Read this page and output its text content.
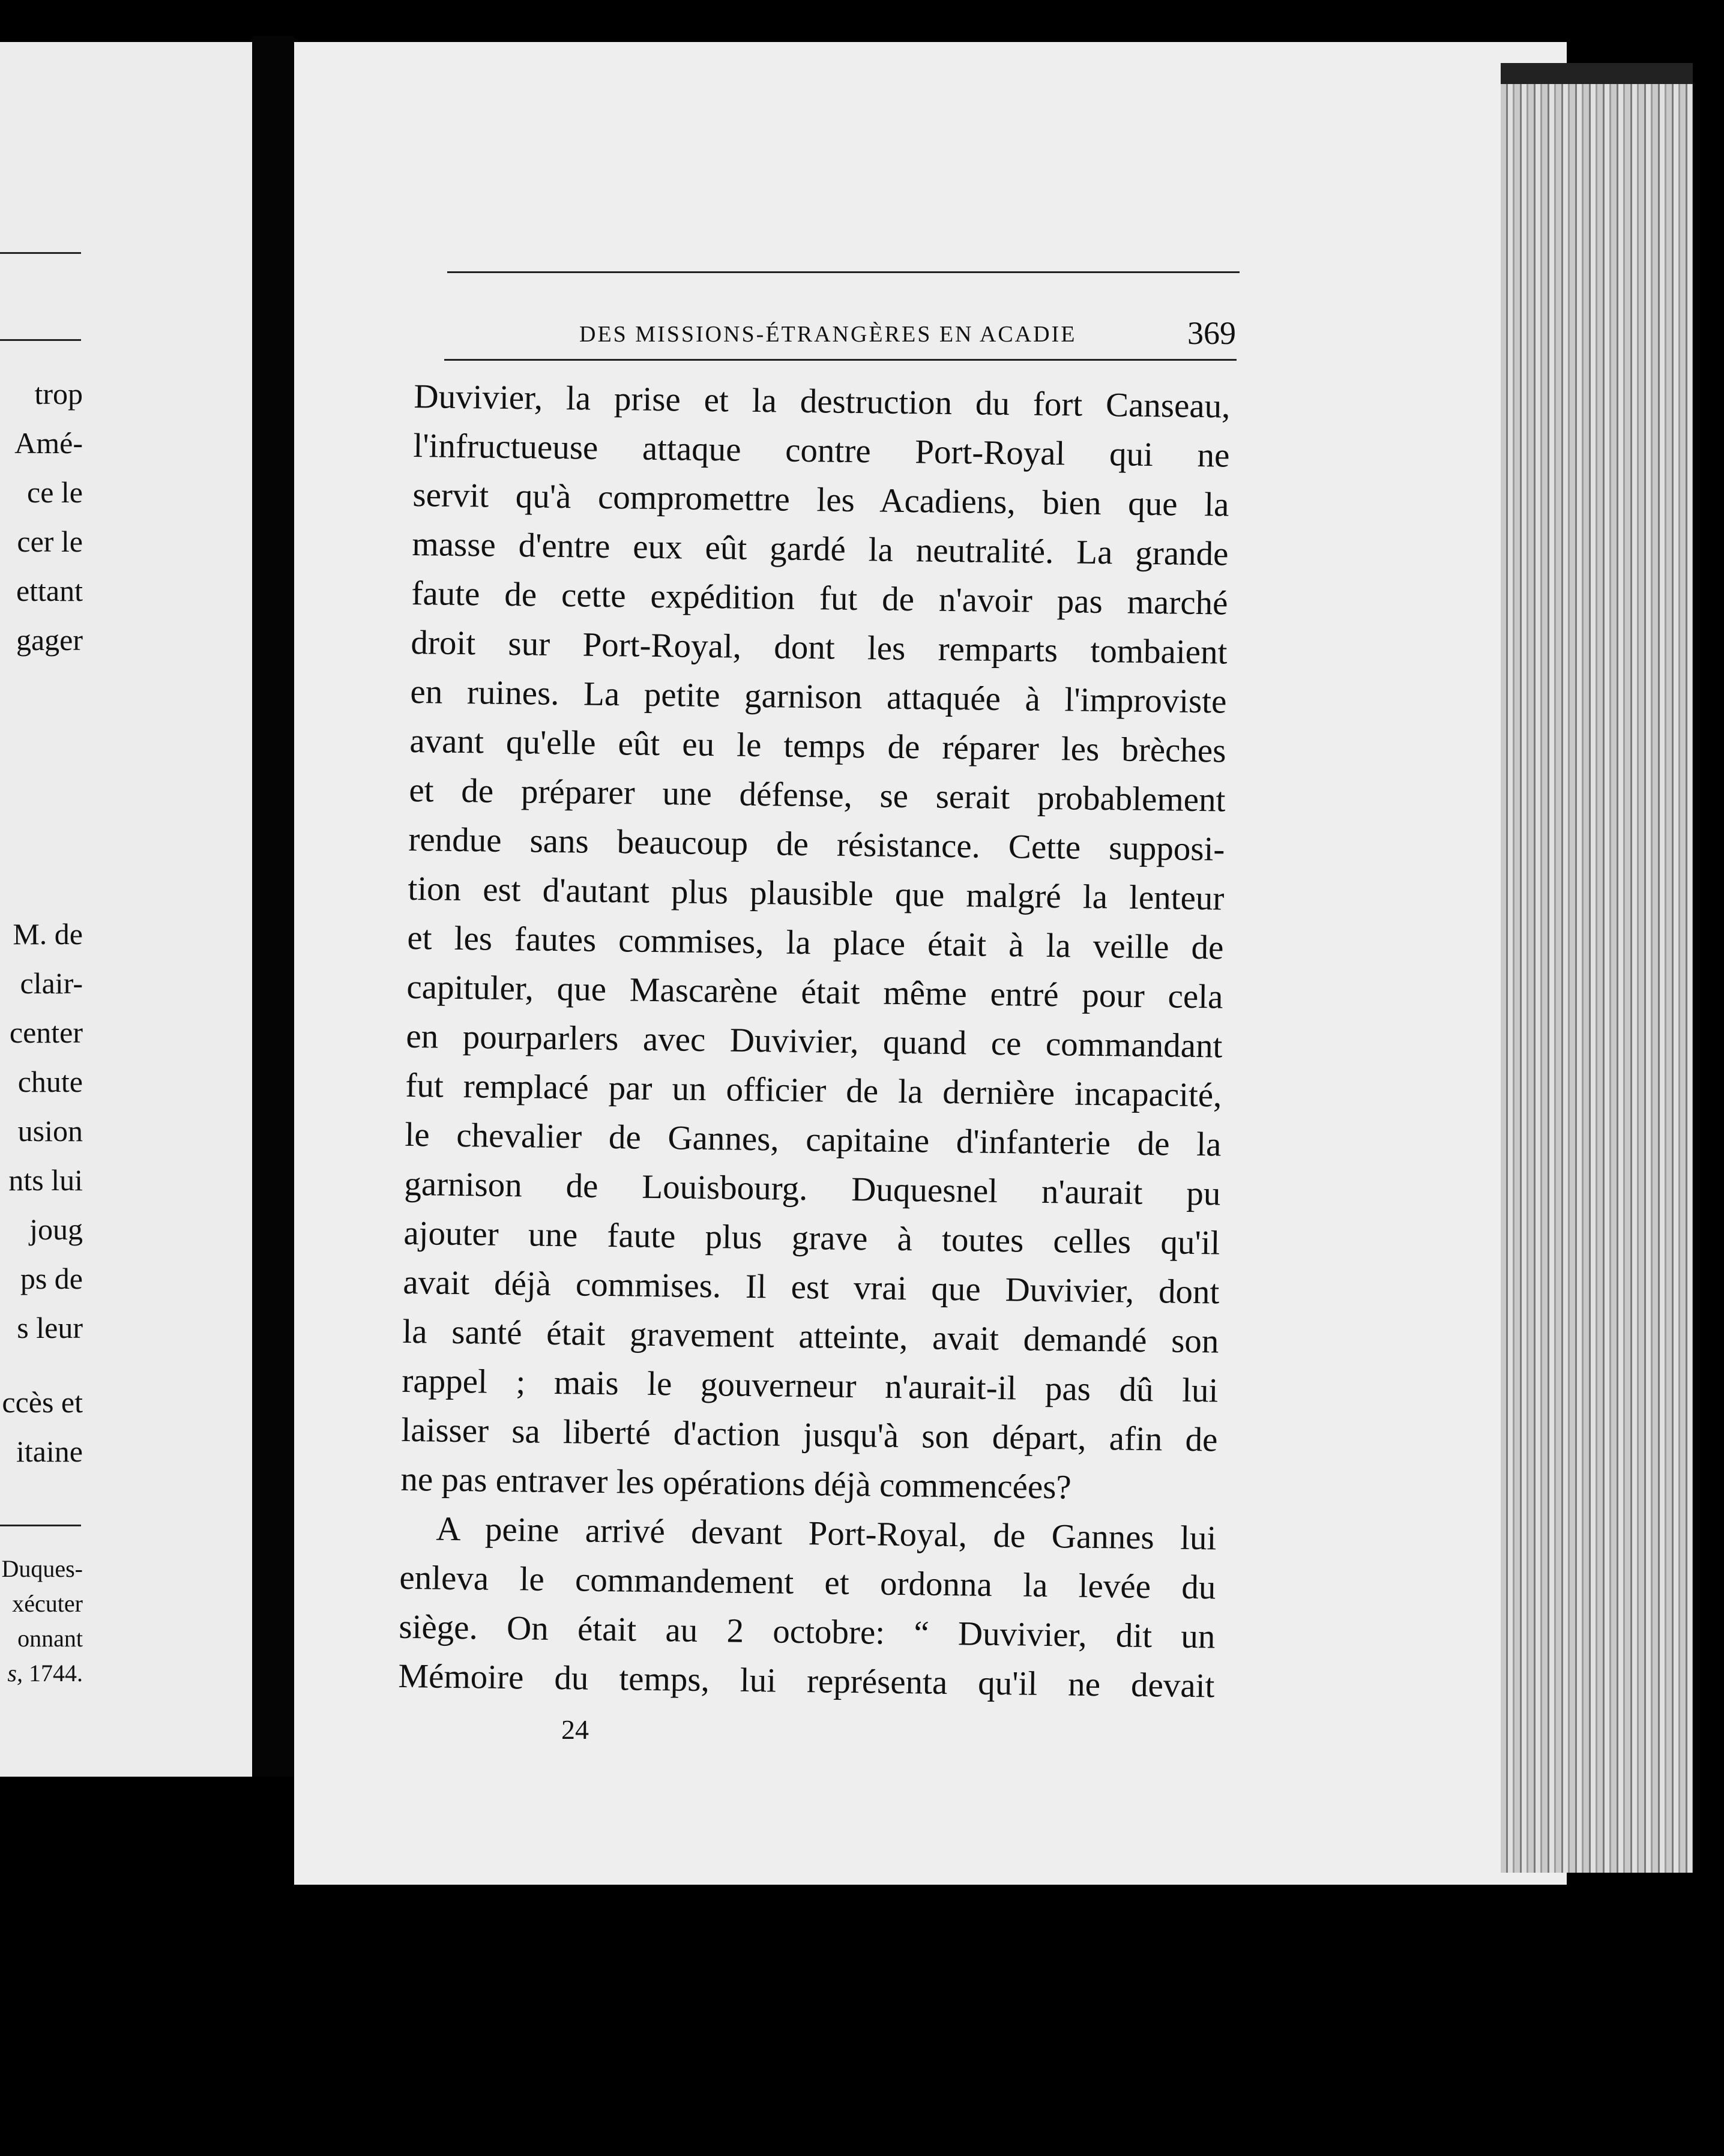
trop
Amé-
ce le
cer le
ettant
gager
M. de
clair-
center
chute
usion
nts lui
joug
ps de
s leur
ccès et
itaine
Duques-
xécuter
onnant
s, 1744.
DES MISSIONS-ÉTRANGÈRES EN ACADIE	369
Duvivier, la prise et la destruction du fort Canseau,
l'infructueuse attaque contre Port-Royal qui ne
servit qu'à compromettre les Acadiens, bien que la
masse d'entre eux eût gardé la neutralité. La grande
faute de cette expédition fut de n'avoir pas marché
droit sur Port-Royal, dont les remparts tombaient
en ruines. La petite garnison attaquée à l'improviste
avant qu'elle eût eu le temps de réparer les brèches
et de préparer une défense, se serait probablement
rendue sans beaucoup de résistance. Cette supposi-
tion est d'autant plus plausible que malgré la lenteur
et les fautes commises, la place était à la veille de
capituler, que Mascarène était même entré pour cela
en pourparlers avec Duvivier, quand ce commandant
fut remplacé par un officier de la dernière incapacité,
le chevalier de Gannes, capitaine d'infanterie de la
garnison de Louisbourg. Duquesnel n'aurait pu
ajouter une faute plus grave à toutes celles qu'il
avait déjà commises. Il est vrai que Duvivier, dont
la santé était gravement atteinte, avait demandé son
rappel ; mais le gouverneur n'aurait-il pas dû lui
laisser sa liberté d'action jusqu'à son départ, afin de
ne pas entraver les opérations déjà commencées?
A peine arrivé devant Port-Royal, de Gannes lui
enleva le commandement et ordonna la levée du
siège. On était au 2 octobre: “ Duvivier, dit un
Mémoire du temps, lui représenta qu'il ne devait
24
